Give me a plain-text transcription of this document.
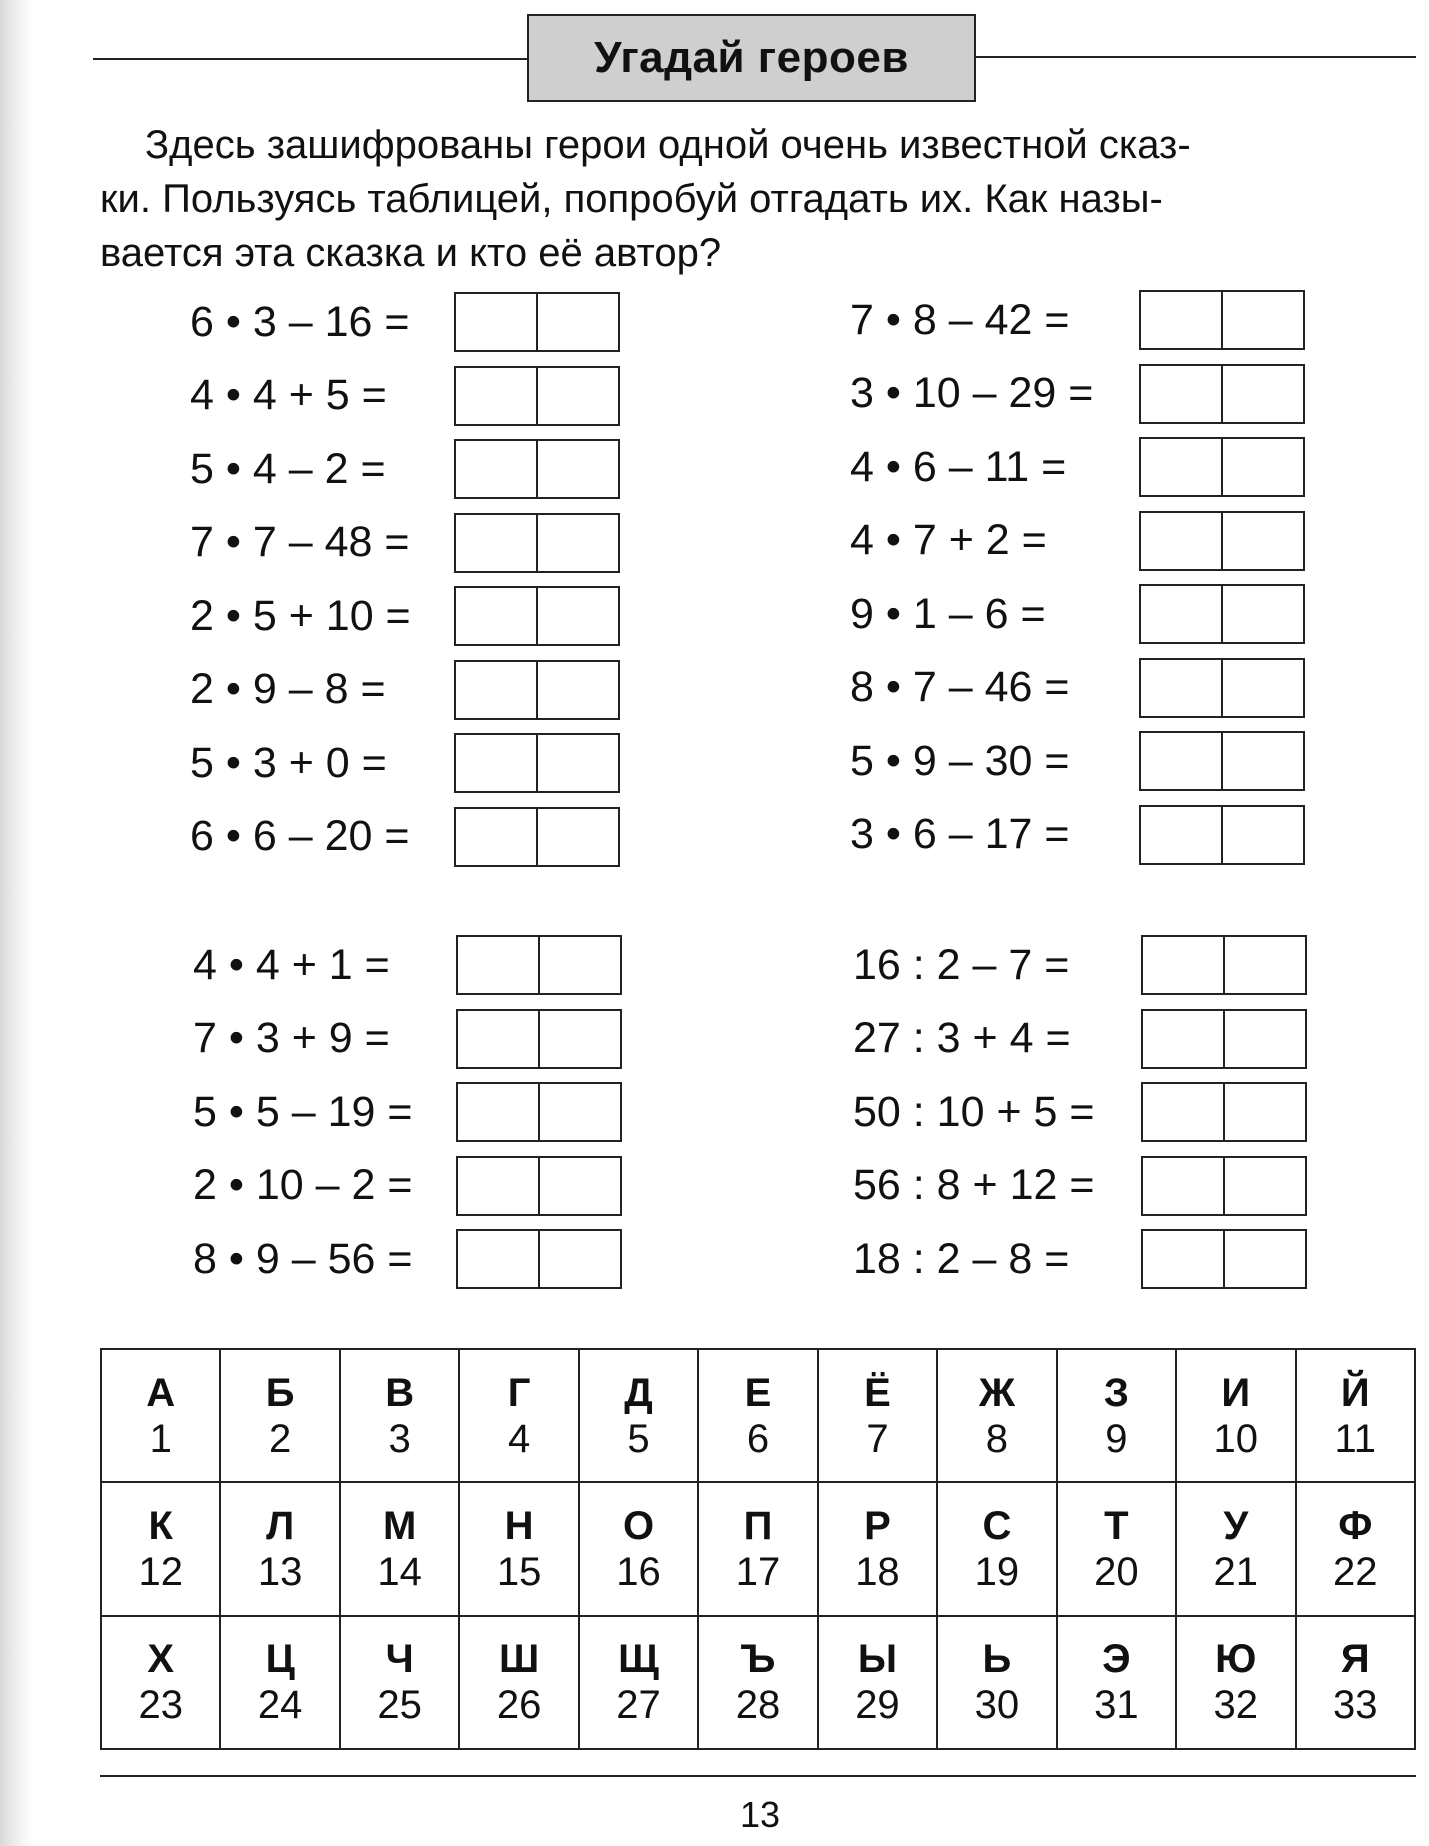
Угадай героев

Здесь зашифрованы герои одной очень известной сказ-

ки. Пользуясь таблицей, попробуй отгадать их. Как назы-

вается эта сказка и кто её автор?

6 • 3 – 16 =
4 • 4 + 5 =
5 • 4 – 2 =
7 • 7 – 48 =
2 • 5 + 10 =
2 • 9 – 8 =
5 • 3 + 0 =
6 • 6 – 20 =
4 • 4 + 1 =
7 • 3 + 9 =
5 • 5 – 19 =
2 • 10 – 2 =
8 • 9 – 56 =
7 • 8 – 42 =
3 • 10 – 29 =
4 • 6 – 11 =
4 • 7 + 2 =
9 • 1 – 6 =
8 • 7 – 46 =
5 • 9 – 30 =
3 • 6 – 17 =
16 : 2 – 7 =
27 : 3 + 4 =
50 : 10 + 5 =
56 : 8 + 12 =
18 : 2 – 8 =
А
1	Б
2	В
3	Г
4	Д
5	Е
6	Ё
7	Ж
8	З
9	И
10	Й
11

К
12	Л
13	М
14	Н
15	О
16	П
17	Р
18	С
19	Т
20	У
21	Ф
22

Х
23	Ц
24	Ч
25	Ш
26	Щ
27	Ъ
28	Ы
29	Ь
30	Э
31	Ю
32	Я
33
13
